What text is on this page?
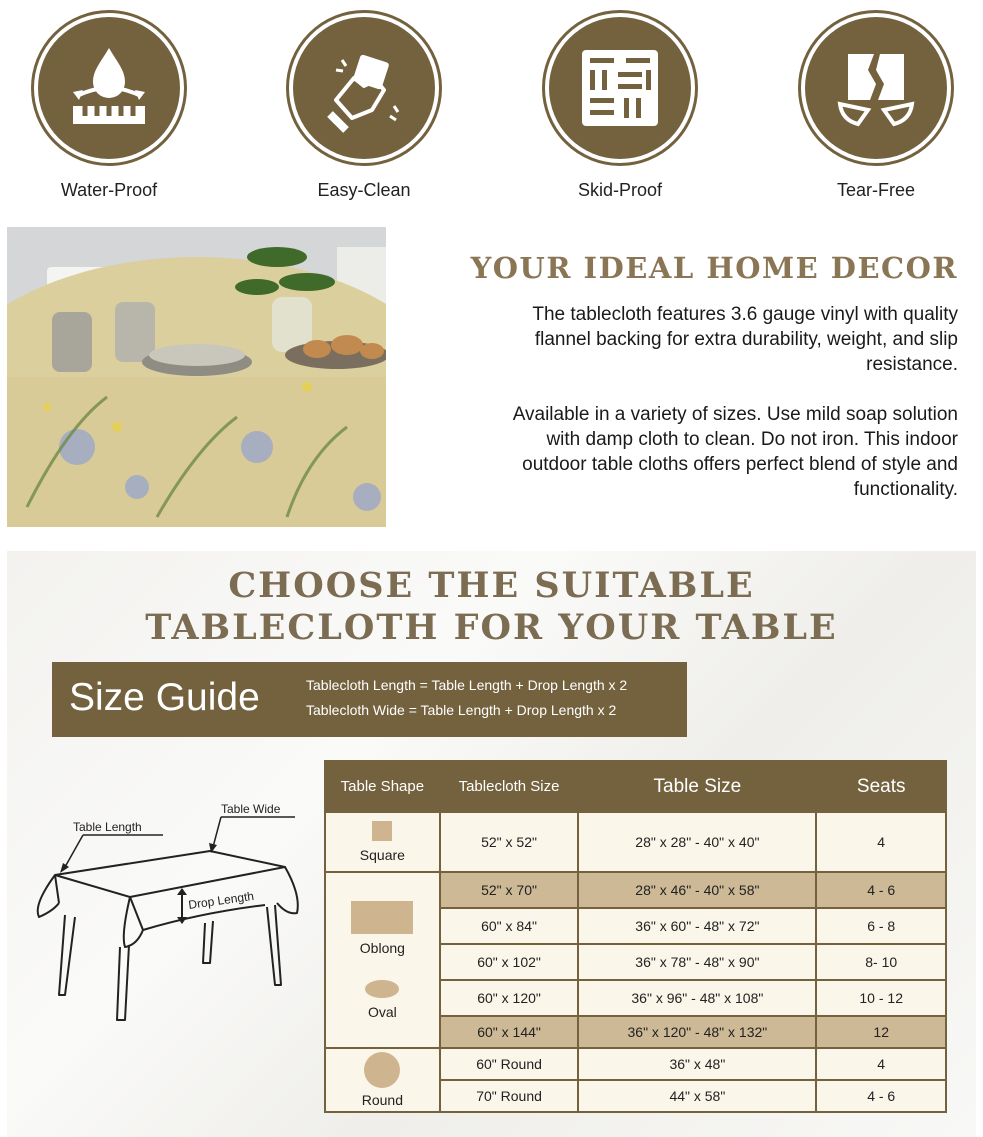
Water-Proof	Easy-Clean	Skid-Proof	Tear-Free
YOUR IDEAL HOME DECOR

The tablecloth features 3.6 gauge vinyl with quality flannel backing for extra durability, weight, and slip resistance.

Available in a variety of sizes. Use mild soap solution with damp cloth to clean. Do not iron. This indoor outdoor table cloths offers perfect blend of style and functionality.

CHOOSE THE SUITABLE
TABLECLOTH FOR YOUR TABLE
Size Guide	Tablecloth Length = Table Length + Drop Length x 2
Tablecloth Wide = Table Length + Drop Length x 2
Table Length
Table Wide
Drop Length
Table Shape	Tablecloth Size	Table Size	Seats

Square	52" x 52"	28" x 28" - 40" x 40"	4

Oblong
Oval	52" x 70"	28" x 46" - 40" x 58"	4 - 6
	60" x 84"	36" x 60" - 48" x 72"	6 - 8
	60" x 102"	36" x 78" - 48" x 90"	8- 10
	60" x 120"	36" x 96" - 48" x 108"	10 - 12
	60" x 144"	36" x 120" - 48" x 132"	12

Round	60" Round	36" x 48"	4
	70" Round	44" x 58"	4 - 6
